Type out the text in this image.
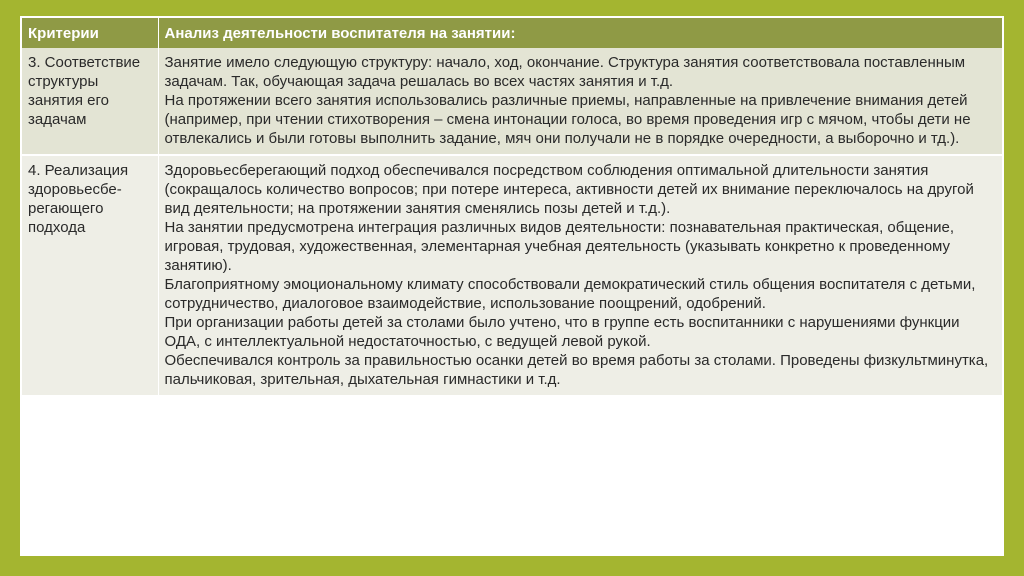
Критерии	Анализ деятельности воспитателя на занятии:
3. Соответствие структуры занятия его задачам	Занятие имело следующую структуру: начало, ход, окончание. Структура занятия соответствовала поставленным задачам. Так, обучающая задача решалась во всех частях занятия и т.д.

На протяжении всего занятия использовались различные приемы, направленные на привлечение внимания детей (например, при чтении стихотворения – смена интонации голоса, во время проведения игр с мячом, чтобы дети не отвлекались и были готовы выполнить задание, мяч они получали не в порядке очередности, а выборочно и тд.).

4. Реализация здоровьесбе-регающего подхода	Здоровьесберегающий подход обеспечивался посредством соблюдения оптимальной длительности занятия (сокращалось количество вопросов; при потере интереса, активности детей их внимание переключалось на другой вид деятельности; на протяжении занятия сменялись позы детей и т.д.).

На занятии предусмотрена интеграция различных видов деятельности: познавательная практическая, общение, игровая, трудовая, художественная, элементарная учебная деятельность (указывать конкретно к проведенному занятию).

Благоприятному эмоциональному климату способствовали демократический стиль общения воспитателя с детьми, сотрудничество, диалоговое взаимодействие, использование поощрений, одобрений.

При организации работы детей за столами было учтено, что в группе есть воспитанники с нарушениями функции ОДА, с интеллектуальной недостаточностью, с ведущей левой рукой.

Обеспечивался контроль за правильностью осанки детей во время работы за столами. Проведены физкультминутка, пальчиковая, зрительная, дыхательная гимнастики и т.д.
